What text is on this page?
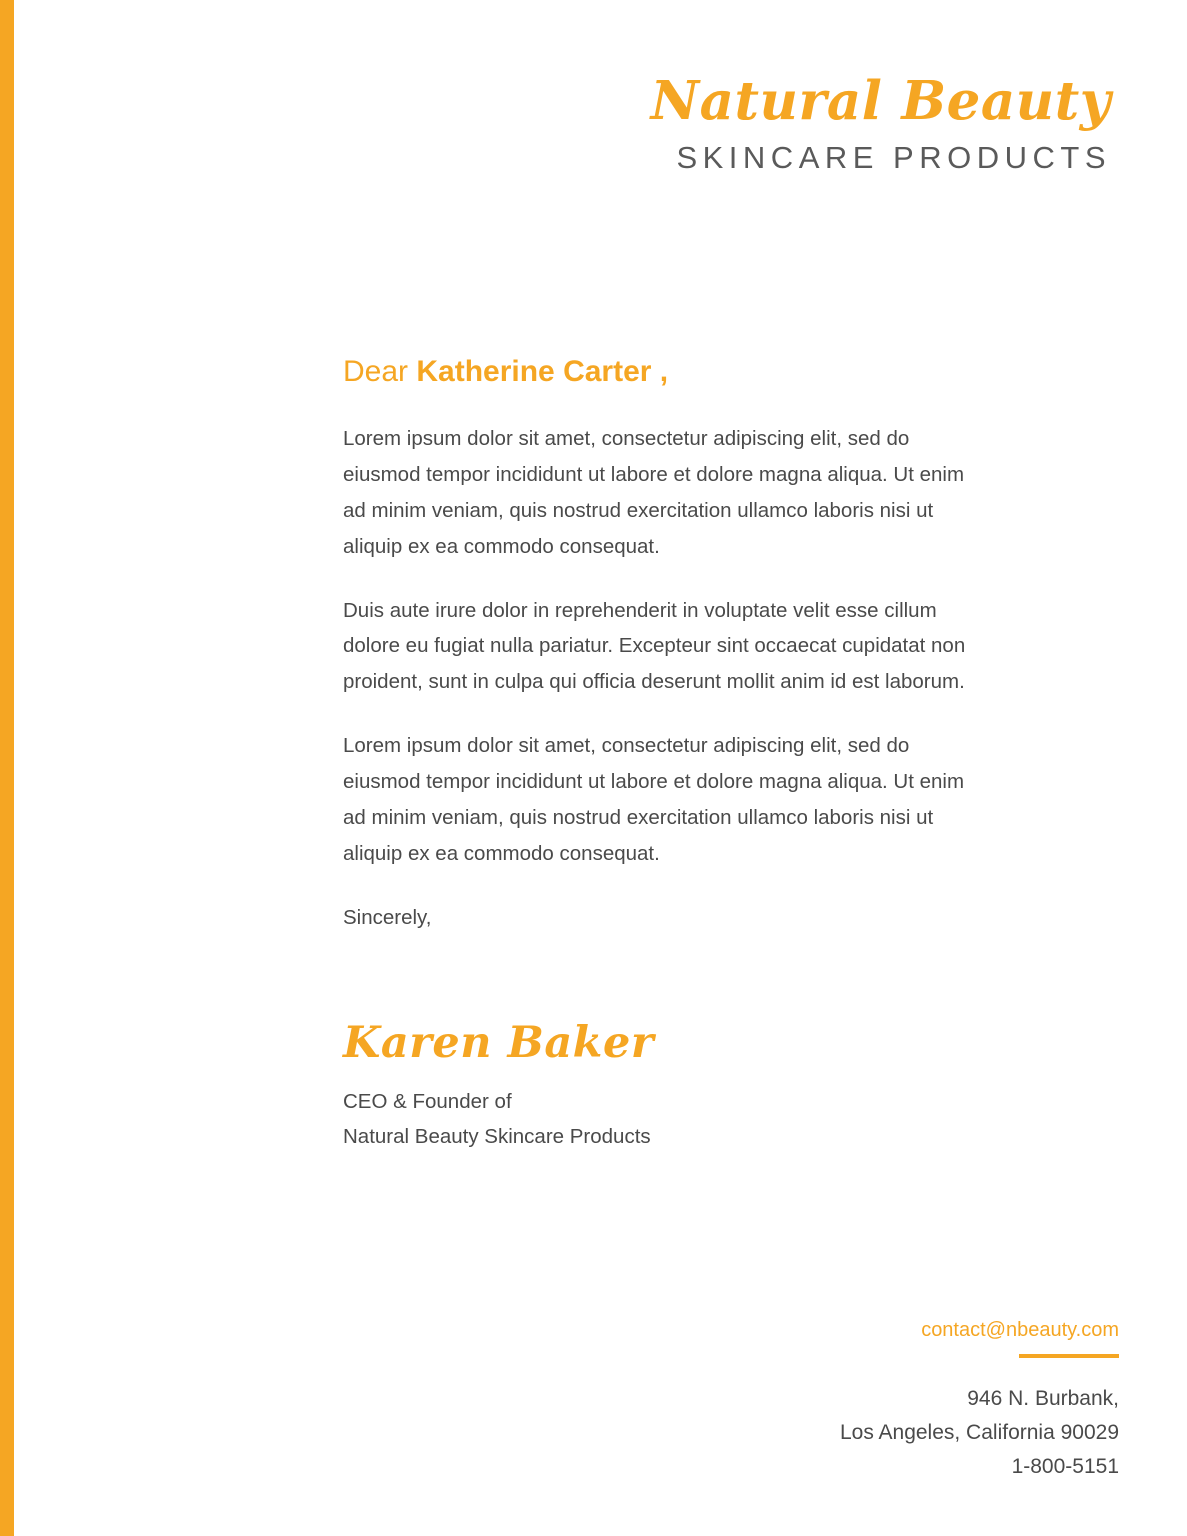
Natural Beauty
SKINCARE PRODUCTS
Dear Katherine Carter ,

Lorem ipsum dolor sit amet, consectetur adipiscing elit, sed do eiusmod tempor incididunt ut labore et dolore magna aliqua. Ut enim ad minim veniam, quis nostrud exercitation ullamco laboris nisi ut aliquip ex ea commodo consequat.

Duis aute irure dolor in reprehenderit in voluptate velit esse cillum dolore eu fugiat nulla pariatur. Excepteur sint occaecat cupidatat non proident, sunt in culpa qui officia deserunt mollit anim id est laborum.

Lorem ipsum dolor sit amet, consectetur adipiscing elit, sed do eiusmod tempor incididunt ut labore et dolore magna aliqua. Ut enim ad minim veniam, quis nostrud exercitation ullamco laboris nisi ut aliquip ex ea commodo consequat.

Sincerely,

Karen Baker
CEO & Founder of
Natural Beauty Skincare Products
contact@nbeauty.com
946 N. Burbank,
Los Angeles, California 90029
1-800-5151
